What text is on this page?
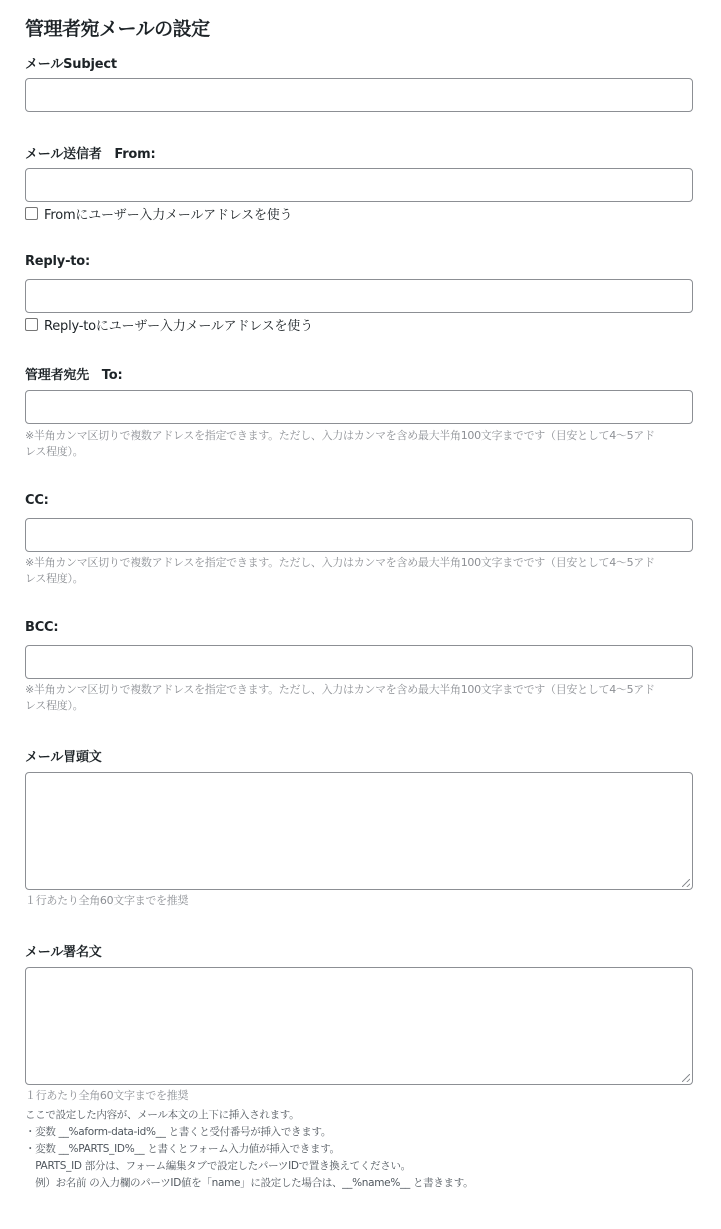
管理者宛メールの設定
メールSubject
メール送信者　From:
Fromにユーザー入力メールアドレスを使う
Reply-to:
Reply-toにユーザー入力メールアドレスを使う
管理者宛先　To:
※半角カンマ区切りで複数アドレスを指定できます。ただし、入力はカンマを含め最大半角100文字までです（目安として4～5アド
レス程度）。
CC:
※半角カンマ区切りで複数アドレスを指定できます。ただし、入力はカンマを含め最大半角100文字までです（目安として4～5アド
レス程度）。
BCC:
※半角カンマ区切りで複数アドレスを指定できます。ただし、入力はカンマを含め最大半角100文字までです（目安として4～5アド
レス程度）。
メール冒頭文
１行あたり全角60文字までを推奨
メール署名文
１行あたり全角60文字までを推奨
ここで設定した内容が、メール本文の上下に挿入されます。
・変数 __%aform-data-id%__ と書くと受付番号が挿入できます。
・変数 __%PARTS_ID%__ と書くとフォーム入力値が挿入できます。
　PARTS_ID 部分は、フォーム編集タブで設定したパーツIDで置き換えてください。
　例）お名前 の入力欄のパーツID値を「name」に設定した場合は、__%name%__ と書きます。
